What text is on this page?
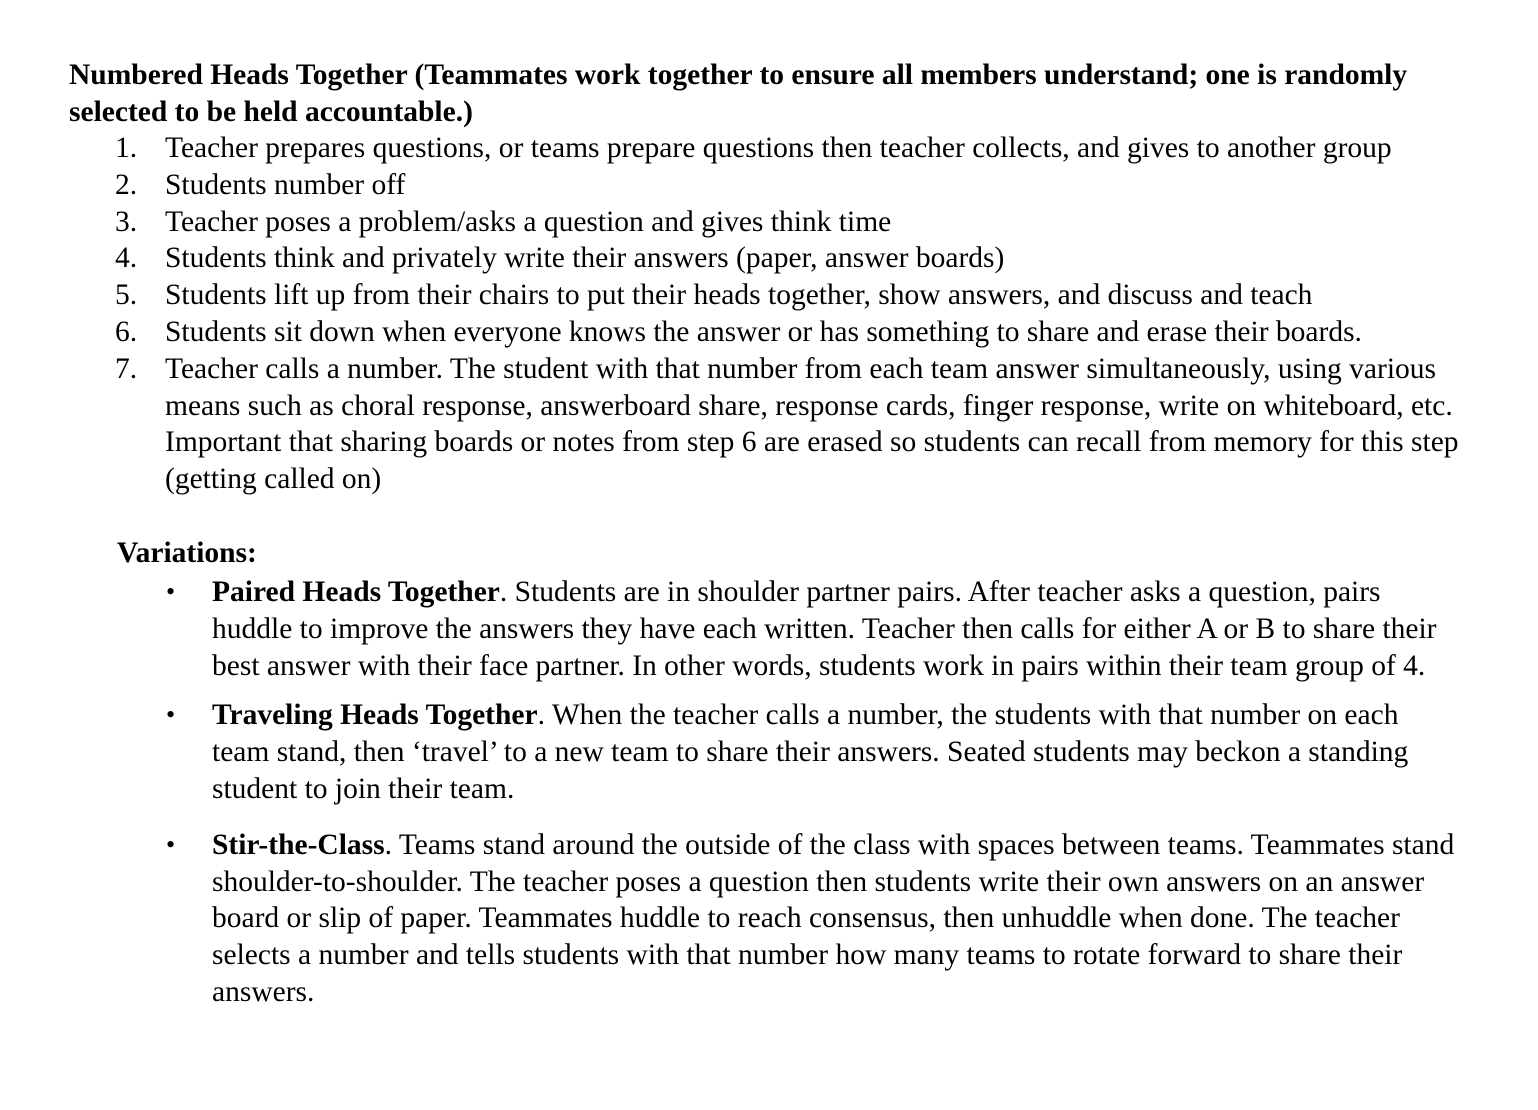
Numbered Heads Together (Teammates work together to ensure all members understand; one is randomly selected to be held accountable.)

1. Teacher prepares questions, or teams prepare questions then teacher collects, and gives to another group
2. Students number off
3. Teacher poses a problem/asks a question and gives think time
4. Students think and privately write their answers (paper, answer boards)
5. Students lift up from their chairs to put their heads together, show answers, and discuss and teach
6. Students sit down when everyone knows the answer or has something to share and erase their boards.
7. Teacher calls a number. The student with that number from each team answer simultaneously, using various means such as choral response, answerboard share, response cards, finger response, write on whiteboard, etc. Important that sharing boards or notes from step 6 are erased so students can recall from memory for this step (getting called on)

Variations:

• Paired Heads Together. Students are in shoulder partner pairs. After teacher asks a question, pairs huddle to improve the answers they have each written. Teacher then calls for either A or B to share their best answer with their face partner. In other words, students work in pairs within their team group of 4.
• Traveling Heads Together. When the teacher calls a number, the students with that number on each team stand, then ‘travel’ to a new team to share their answers. Seated students may beckon a standing student to join their team.
• Stir-the-Class. Teams stand around the outside of the class with spaces between teams. Teammates stand shoulder-to-shoulder. The teacher poses a question then students write their own answers on an answer board or slip of paper. Teammates huddle to reach consensus, then unhuddle when done. The teacher selects a number and tells students with that number how many teams to rotate forward to share their answers.
